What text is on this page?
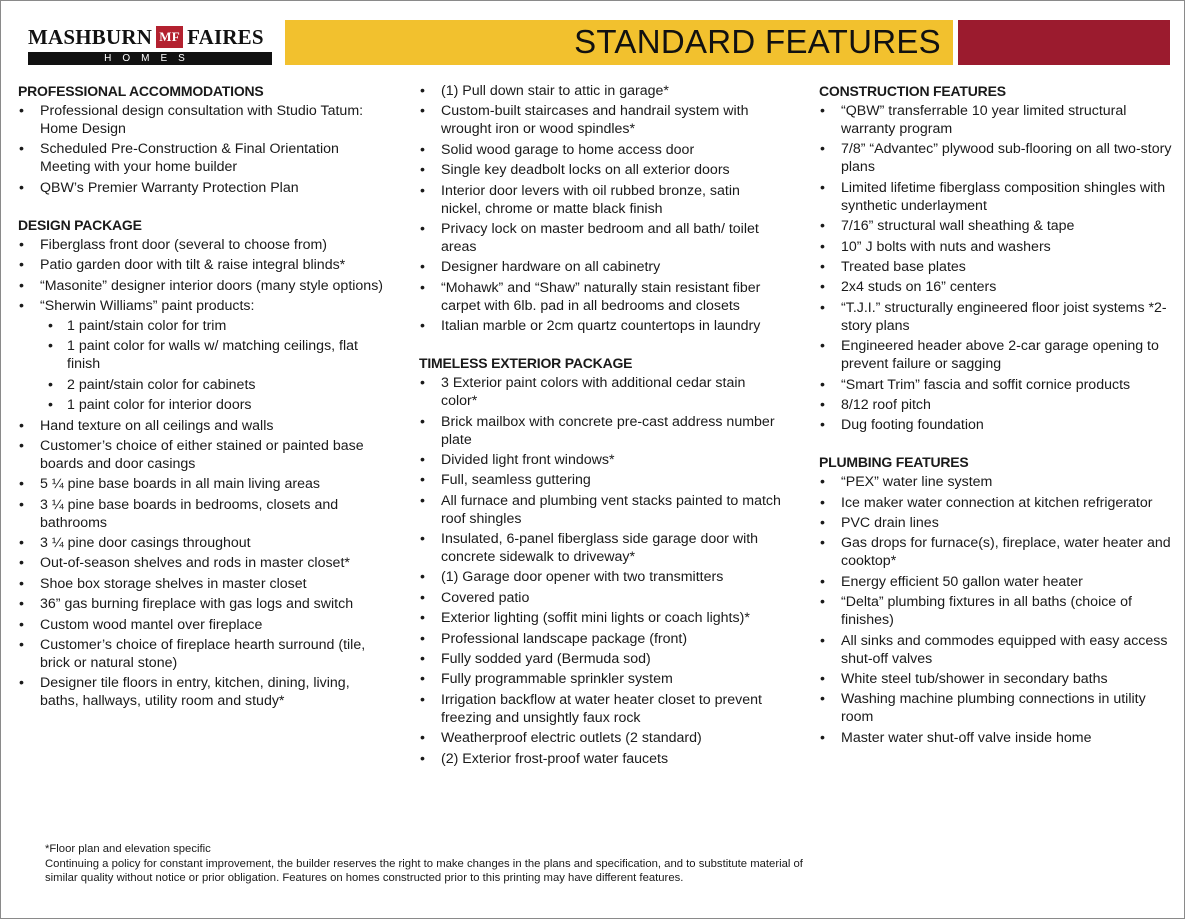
MASHBURN MF FAIRES
HOMES	STANDARD FEATURES
PROFESSIONAL ACCOMMODATIONS
• Professional design consultation with Studio Tatum: Home Design
• Scheduled Pre-Construction & Final Orientation Meeting with your home builder
• QBW’s Premier Warranty Protection Plan
DESIGN PACKAGE
• Fiberglass front door (several to choose from)
• Patio garden door with tilt & raise integral blinds*
• “Masonite” designer interior doors (many style options)
• “Sherwin Williams” paint products:
• 1 paint/stain color for trim
• 1 paint color for walls w/ matching ceilings, flat finish
• 2 paint/stain color for cabinets
• 1 paint color for interior doors
• Hand texture on all ceilings and walls
• Customer’s choice of either stained or painted base boards and door casings
• 5 ¼ pine base boards in all main living areas
• 3 ¼ pine base boards in bedrooms, closets and bathrooms
• 3 ¼ pine door casings throughout
• Out-of-season shelves and rods in master closet*
• Shoe box storage shelves in master closet
• 36” gas burning fireplace with gas logs and switch
• Custom wood mantel over fireplace
• Customer’s choice of fireplace hearth surround (tile, brick or natural stone)
• Designer tile floors in entry, kitchen, dining, living, baths, hallways, utility room and study*
• (1) Pull down stair to attic in garage*
• Custom-built staircases and handrail system with wrought iron or wood spindles*
• Solid wood garage to home access door
• Single key deadbolt locks on all exterior doors
• Interior door levers with oil rubbed bronze, satin nickel, chrome or matte black finish
• Privacy lock on master bedroom and all bath/ toilet areas
• Designer hardware on all cabinetry
• “Mohawk” and “Shaw” naturally stain resistant fiber carpet with 6lb. pad in all bedrooms and closets
• Italian marble or 2cm quartz countertops in laundry
TIMELESS EXTERIOR PACKAGE
• 3 Exterior paint colors with additional cedar stain color*
• Brick mailbox with concrete pre-cast address number plate
• Divided light front windows*
• Full, seamless guttering
• All furnace and plumbing vent stacks painted to match roof shingles
• Insulated, 6-panel fiberglass side garage door with concrete sidewalk to driveway*
• (1) Garage door opener with two transmitters
• Covered patio
• Exterior lighting (soffit mini lights or coach lights)*
• Professional landscape package (front)
• Fully sodded yard (Bermuda sod)
• Fully programmable sprinkler system
• Irrigation backflow at water heater closet to prevent freezing and unsightly faux rock
• Weatherproof electric outlets (2 standard)
• (2) Exterior frost-proof water faucets
CONSTRUCTION FEATURES
• “QBW” transferrable 10 year limited structural warranty program
• 7/8” “Advantec” plywood sub-flooring on all two-story plans
• Limited lifetime fiberglass composition shingles with synthetic underlayment
• 7/16” structural wall sheathing & tape
• 10” J bolts with nuts and washers
• Treated base plates
• 2x4 studs on 16” centers
• “T.J.I.” structurally engineered floor joist systems *2-story plans
• Engineered header above 2-car garage opening to prevent failure or sagging
• “Smart Trim” fascia and soffit cornice products
• 8/12 roof pitch
• Dug footing foundation
PLUMBING FEATURES
• “PEX” water line system
• Ice maker water connection at kitchen refrigerator
• PVC drain lines
• Gas drops for furnace(s), fireplace, water heater and cooktop*
• Energy efficient 50 gallon water heater
• “Delta” plumbing fixtures in all baths (choice of finishes)
• All sinks and commodes equipped with easy access shut-off valves
• White steel tub/shower in secondary baths
• Washing machine plumbing connections in utility room
• Master water shut-off valve inside home
*Floor plan and elevation specific
Continuing a policy for constant improvement, the builder reserves the right to make changes in the plans and specification, and to substitute material of similar quality without notice or prior obligation. Features on homes constructed prior to this printing may have different features.
